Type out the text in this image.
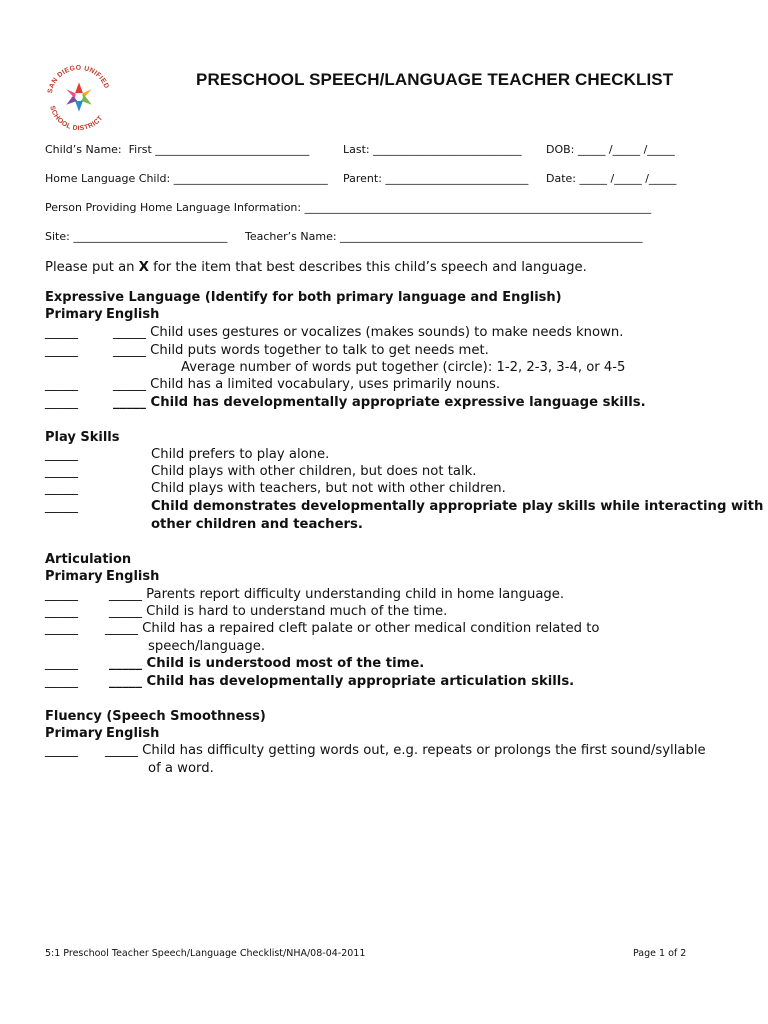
SAN DIEGO UNIFIED
SCHOOL DISTRICT
PRESCHOOL SPEECH/LANGUAGE TEACHER CHECKLIST
Child’s Name:  First ____________________________	Last: ___________________________ DOB: _____ /_____ /_____
Home Language Child: ____________________________ Parent: __________________________ Date: _____ /_____ /_____
Person Providing Home Language Information: _______________________________________________________________
Site: ____________________________ Teacher’s Name: _______________________________________________________
Please put an X for the item that best describes this child’s speech and language.
Expressive Language (Identify for both primary language and English)
Primary English
_____	_____ Child uses gestures or vocalizes (makes sounds) to make needs known.
_____	_____ Child puts words together to talk to get needs met.
Average number of words put together (circle): 1-2, 2-3, 3-4, or 4-5
_____	_____ Child has a limited vocabulary, uses primarily nouns.
_____	_____ Child has developmentally appropriate expressive language skills.
Play Skills
_____	Child prefers to play alone.
_____	Child plays with other children, but does not talk.
_____	Child plays with teachers, but not with other children.
_____	Child demonstrates developmentally appropriate play skills while interacting with
other children and teachers.
Articulation
Primary English
_____ _____ Parents report difficulty understanding child in home language.
_____ _____ Child is hard to understand much of the time.
_____ _____ Child has a repaired cleft palate or other medical condition related to
speech/language.
_____ _____ Child is understood most of the time.
_____ _____ Child has developmentally appropriate articulation skills.
Fluency (Speech Smoothness)
Primary English
_____ _____ Child has difficulty getting words out, e.g. repeats or prolongs the first sound/syllable
of a word.
5:1 Preschool Teacher Speech/Language Checklist/NHA/08-04-2011	Page 1 of 2
